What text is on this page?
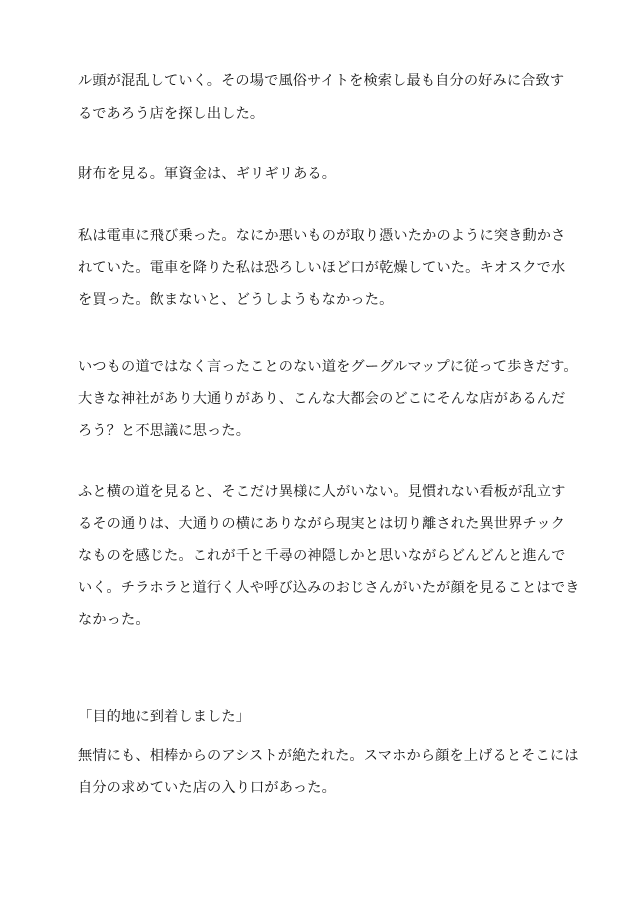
ル頭が混乱していく。その場で風俗サイトを検索し最も自分の好みに合致す
るであろう店を探し出した。
財布を見る。軍資金は、ギリギリある。
私は電車に飛び乗った。なにか悪いものが取り憑いたかのように突き動かさ
れていた。電車を降りた私は恐ろしいほど口が乾燥していた。キオスクで水
を買った。飲まないと、どうしようもなかった。
いつもの道ではなく言ったことのない道をグーグルマップに従って歩きだす。
大きな神社があり大通りがあり、こんな大都会のどこにそんな店があるんだ
ろう？と不思議に思った。
ふと横の道を見ると、そこだけ異様に人がいない。見慣れない看板が乱立す
るその通りは、大通りの横にありながら現実とは切り離された異世界チック
なものを感じた。これが千と千尋の神隠しかと思いながらどんどんと進んで
いく。チラホラと道行く人や呼び込みのおじさんがいたが顔を見ることはでき
なかった。
「目的地に到着しました」
無情にも、相棒からのアシストが絶たれた。スマホから顔を上げるとそこには
自分の求めていた店の入り口があった。
